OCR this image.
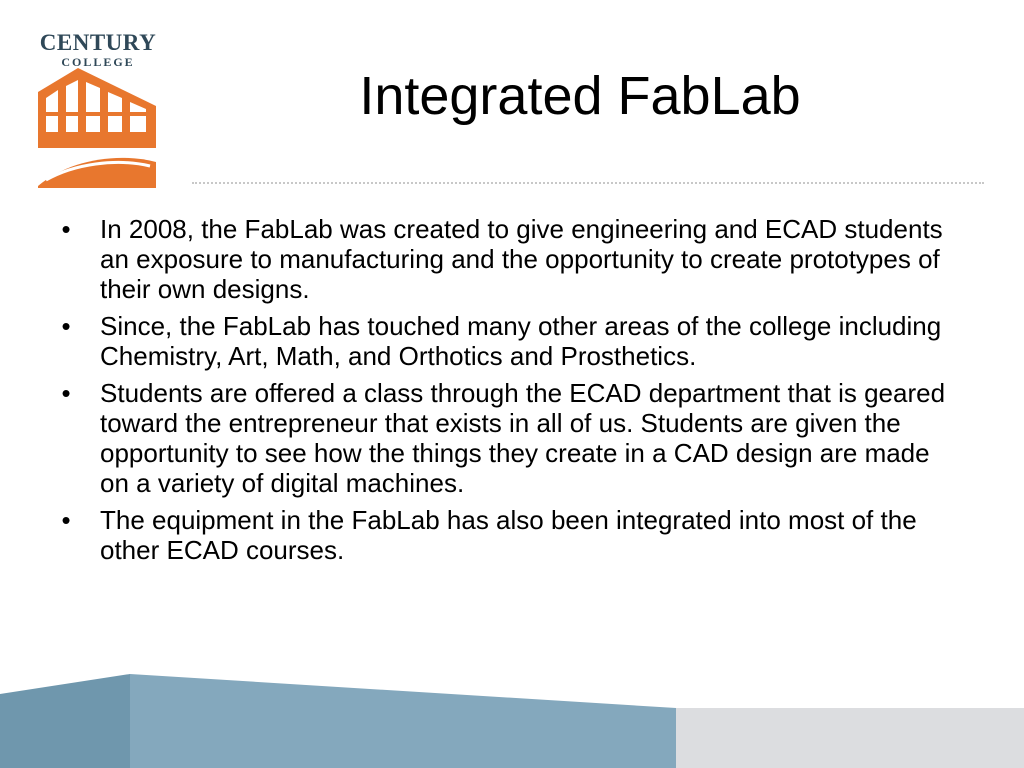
CENTURY
COLLEGE
Integrated FabLab
• In 2008, the FabLab was created to give engineering and ECAD students an exposure to manufacturing and the opportunity to create prototypes of their own designs.
• Since, the FabLab has touched many other areas of the college including Chemistry, Art, Math, and Orthotics and Prosthetics.
• Students are offered a class through the ECAD department that is geared toward the entrepreneur that exists in all of us. Students are given the opportunity to see how the things they create in a CAD design are made on a variety of digital machines.
• The equipment in the FabLab has also been integrated into most of the other ECAD courses.
